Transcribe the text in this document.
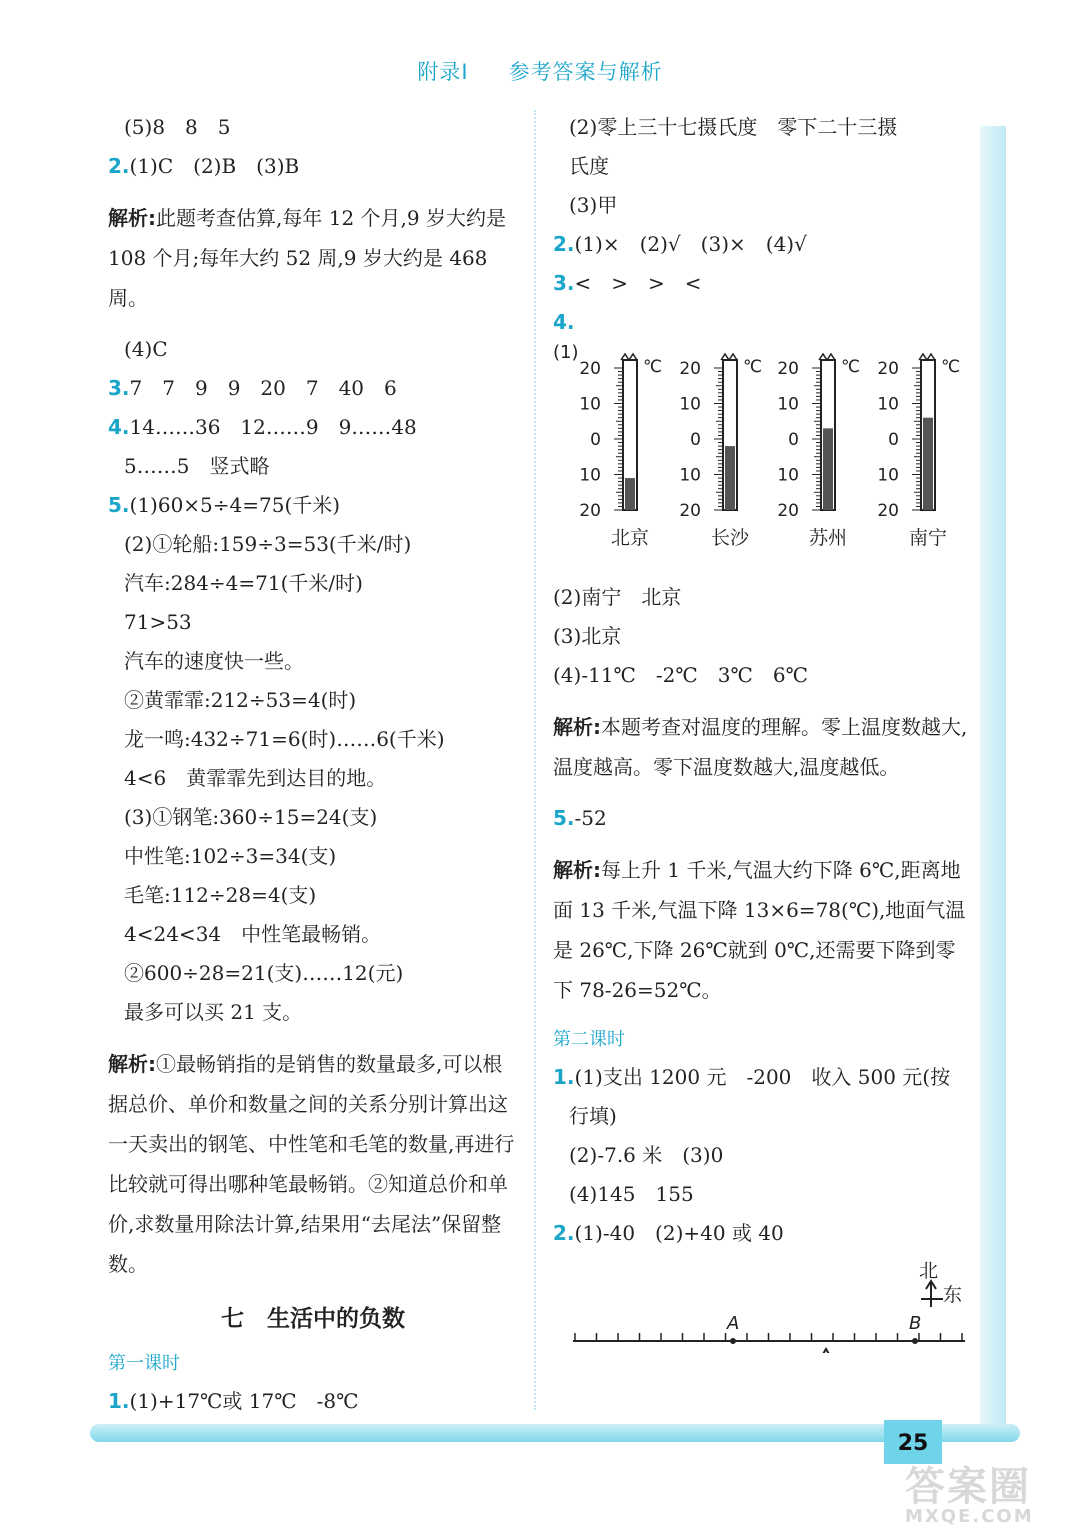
附录Ⅰ 参考答案与解析
(5)8　8　5
2.(1)C　(2)B　(3)B
解析:此题考查估算,每年 12 个月,9 岁大约是 108 个月;每年大约 52 周,9 岁大约是 468 周。
(4)C
3.7　7　9　9　20　7　40　6
4.14……36　12……9　9……48
5……5　竖式略
5.(1)60×5÷4=75(千米)
(2)①轮船:159÷3=53(千米/时)
汽车:284÷4=71(千米/时)
71>53
汽车的速度快一些。
②黄霏霏:212÷53=4(时)
龙一鸣:432÷71=6(时)……6(千米)
4<6　黄霏霏先到达目的地。
(3)①钢笔:360÷15=24(支)
中性笔:102÷3=34(支)
毛笔:112÷28=4(支)
4<24<34　中性笔最畅销。
②600÷28=21(支)……12(元)
最多可以买 21 支。
解析:①最畅销指的是销售的数量最多,可以根据总价、单价和数量之间的关系分别计算出这一天卖出的钢笔、中性笔和毛笔的数量,再进行比较就可得出哪种笔最畅销。②知道总价和单价,求数量用除法计算,结果用“去尾法”保留整数。
七　生活中的负数
第一课时
1.(1)+17℃或 17℃　-8℃
(2)零上三十七摄氏度　零下二十三摄
氏度
(3)甲
2.(1)×　(2)√　(3)×　(4)√
3.<　>　>　<
4.
(1)
20
10
0
10
20
℃
北京
20
10
0
10
20
℃
长沙
20
10
0
10
20
℃
苏州
20
10
0
10
20
℃
南宁
(2)南宁　北京
(3)北京
(4)-11℃　-2℃　3℃　6℃
解析:本题考查对温度的理解。零上温度数越大,温度越高。零下温度数越大,温度越低。
5.-52
解析:每上升 1 千米,气温大约下降 6℃,距离地面 13 千米,气温下降 13×6=78(℃),地面气温是 26℃,下降 26℃就到 0℃,还需要下降到零下 78-26=52℃。
第二课时
1.(1)支出 1200 元　-200　收入 500 元(按
行填)
(2)-7.6 米　(3)0
(4)145　155
2.(1)-40　(2)+40 或 40
北
东
A	B
25
答案圈
MXQE.COM
